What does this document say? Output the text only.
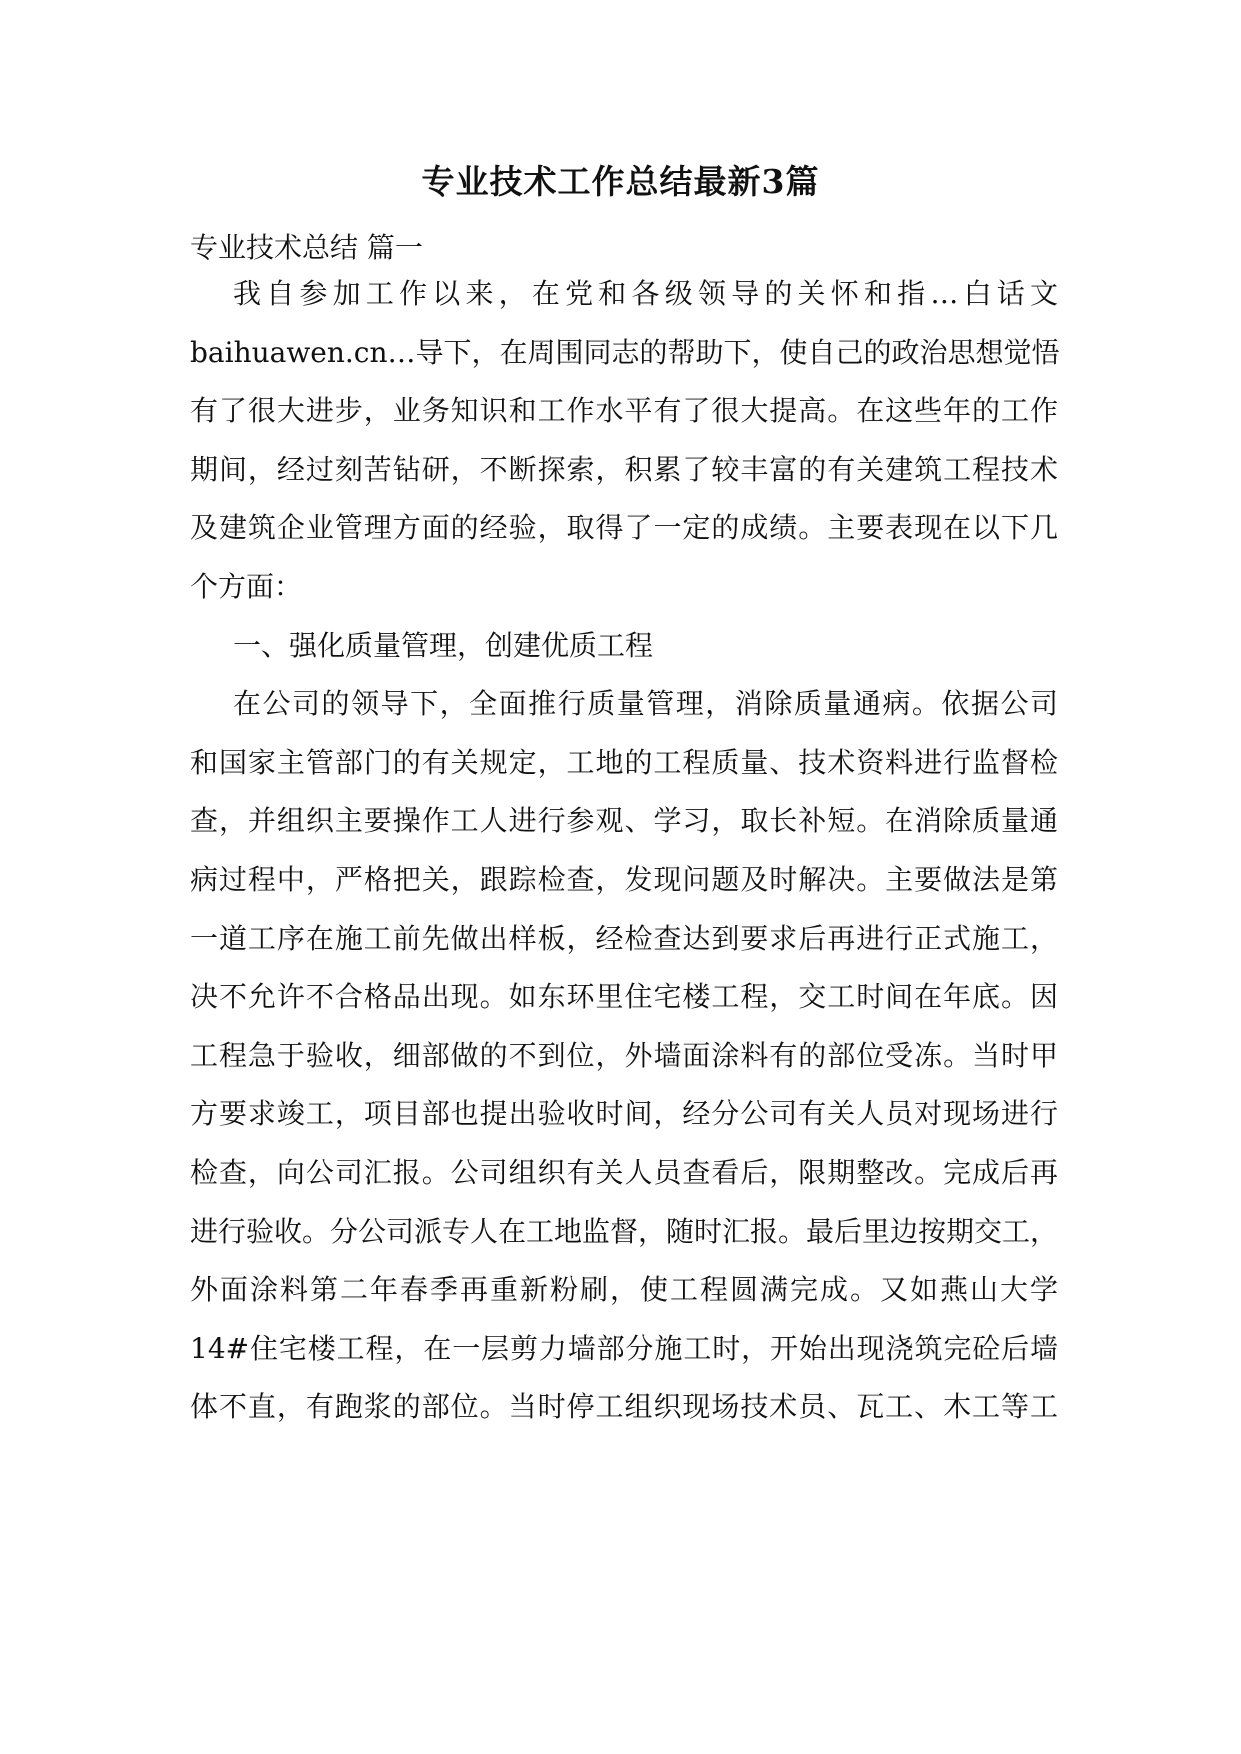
专业技术工作总结最新3篇
专业技术总结 篇一
我自参加工作以来，在党和各级领导的关怀和指…白话文
baihuawen.cn…导下，在周围同志的帮助下，使自己的政治思想觉悟
有了很大进步，业务知识和工作水平有了很大提高。在这些年的工作
期间，经过刻苦钻研，不断探索，积累了较丰富的有关建筑工程技术
及建筑企业管理方面的经验，取得了一定的成绩。主要表现在以下几
个方面：
一、强化质量管理，创建优质工程
在公司的领导下，全面推行质量管理，消除质量通病。依据公司
和国家主管部门的有关规定，工地的工程质量、技术资料进行监督检
查，并组织主要操作工人进行参观、学习，取长补短。在消除质量通
病过程中，严格把关，跟踪检查，发现问题及时解决。主要做法是第
一道工序在施工前先做出样板，经检查达到要求后再进行正式施工，
决不允许不合格品出现。如东环里住宅楼工程，交工时间在年底。因
工程急于验收，细部做的不到位，外墙面涂料有的部位受冻。当时甲
方要求竣工，项目部也提出验收时间，经分公司有关人员对现场进行
检查，向公司汇报。公司组织有关人员查看后，限期整改。完成后再
进行验收。分公司派专人在工地监督，随时汇报。最后里边按期交工，
外面涂料第二年春季再重新粉刷，使工程圆满完成。又如燕山大学
14#住宅楼工程，在一层剪力墙部分施工时，开始出现浇筑完砼后墙
体不直，有跑浆的部位。当时停工组织现场技术员、瓦工、木工等工
